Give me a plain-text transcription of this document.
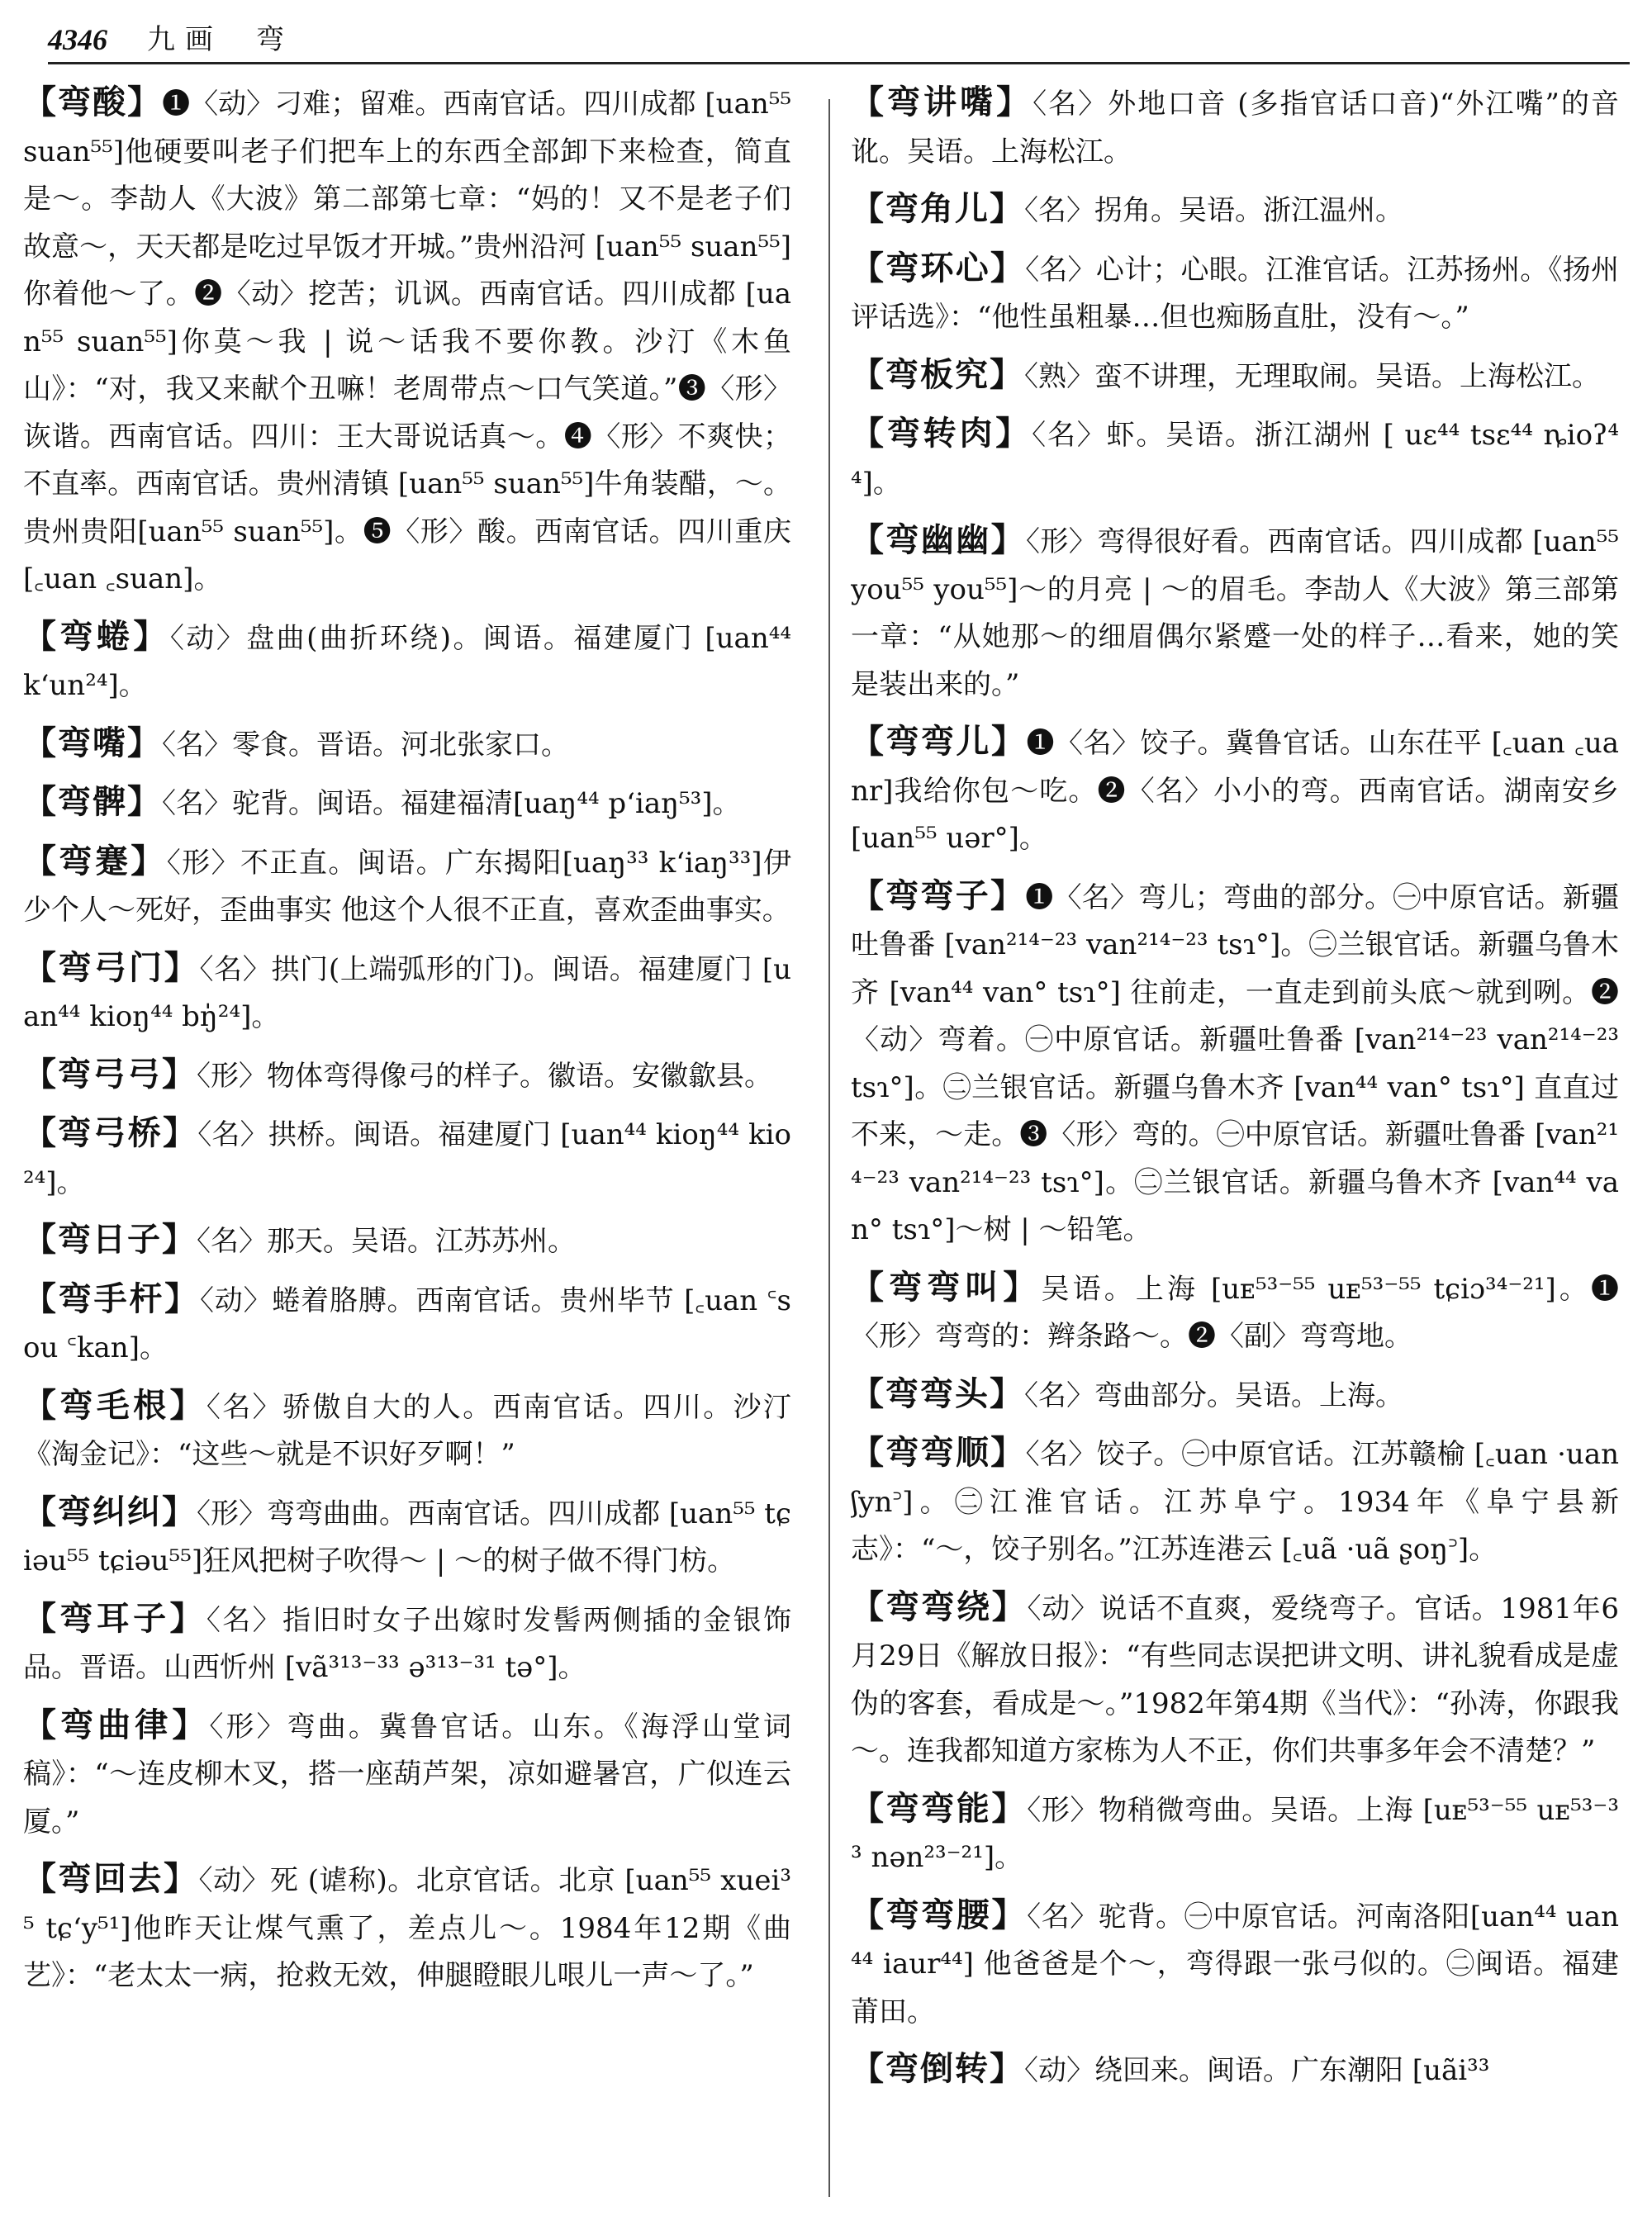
4346 九画 弯

【弯酸】❶〈动〉刁难；留难。西南官话。四川成都 [uan⁵⁵ suan⁵⁵]他硬要叫老子们把车上的东西全部卸下来检查，简直是～。李劼人《大波》第二部第七章：“妈的！又不是老子们故意～，天天都是吃过早饭才开城。”贵州沿河 [uan⁵⁵ suan⁵⁵]你着他～了。❷〈动〉挖苦；讥讽。西南官话。四川成都 [uan⁵⁵ suan⁵⁵]你莫～我 | 说～话我不要你教。沙汀《木鱼山》：“对，我又来献个丑嘛！老周带点～口气笑道。”❸〈形〉诙谐。西南官话。四川：王大哥说话真～。❹〈形〉不爽快；不直率。西南官话。贵州清镇 [uan⁵⁵ suan⁵⁵]牛角装醋，～。贵州贵阳[uan⁵⁵ suan⁵⁵]。❺〈形〉酸。西南官话。四川重庆 [꜀uan ꜀suan]。

【弯蜷】〈动〉盘曲(曲折环绕)。闽语。福建厦门 [uan⁴⁴ k‘un²⁴]。

【弯嘴】〈名〉零食。晋语。河北张家口。

【弯髀】〈名〉驼背。闽语。福建福清[uaŋ⁴⁴ p‘iaŋ⁵³]。

【弯蹇】〈形〉不正直。闽语。广东揭阳[uaŋ³³ k‘iaŋ³³]伊少个人～死好，歪曲事实 他这个人很不正直，喜欢歪曲事实。

【弯弓门】〈名〉拱门(上端弧形的门)。闽语。福建厦门 [uan⁴⁴ kioŋ⁴⁴ bŋ̍²⁴]。

【弯弓弓】〈形〉物体弯得像弓的样子。徽语。安徽歙县。

【弯弓桥】〈名〉拱桥。闽语。福建厦门 [uan⁴⁴ kioŋ⁴⁴ kio²⁴]。

【弯日子】〈名〉那天。吴语。江苏苏州。

【弯手杆】〈动〉蜷着胳膊。西南官话。贵州毕节 [꜀uan ꜂sou ꜂kan]。

【弯毛根】〈名〉骄傲自大的人。西南官话。四川。沙汀《淘金记》：“这些～就是不识好歹啊！”

【弯纠纠】〈形〉弯弯曲曲。西南官话。四川成都 [uan⁵⁵ tɕiəu⁵⁵ tɕiəu⁵⁵]狂风把树子吹得～ | ～的树子做不得门枋。

【弯耳子】〈名〉指旧时女子出嫁时发髻两侧插的金银饰品。晋语。山西忻州 [vã³¹³⁻³³ ə³¹³⁻³¹ tə°]。

【弯曲律】〈形〉弯曲。冀鲁官话。山东。《海浮山堂词稿》：“～连皮柳木叉，搭一座葫芦架，凉如避暑宫，广似连云厦。”

【弯回去】〈动〉死 (谑称)。北京官话。北京 [uan⁵⁵ xuei³⁵ tɕ‘y⁵¹]他昨天让煤气熏了，差点儿～。1984年12期《曲艺》：“老太太一病，抢救无效，伸腿瞪眼儿哏儿一声～了。”

【弯讲嘴】〈名〉外地口音 (多指官话口音)“外江嘴”的音讹。吴语。上海松江。

【弯角儿】〈名〉拐角。吴语。浙江温州。

【弯环心】〈名〉心计；心眼。江淮官话。江苏扬州。《扬州评话选》：“他性虽粗暴…但也痴肠直肚，没有～。”

【弯板究】〈熟〉蛮不讲理，无理取闹。吴语。上海松江。

【弯转肉】〈名〉虾。吴语。浙江湖州 [ uɛ⁴⁴ tsɛ⁴⁴ ȵioʔ⁴⁴]。

【弯幽幽】〈形〉弯得很好看。西南官话。四川成都 [uan⁵⁵ you⁵⁵ you⁵⁵]～的月亮 | ～的眉毛。李劼人《大波》第三部第一章：“从她那～的细眉偶尔紧蹙一处的样子…看来，她的笑是装出来的。”

【弯弯儿】❶〈名〉饺子。冀鲁官话。山东茌平 [꜀uan ꜀uanr]我给你包～吃。❷〈名〉小小的弯。西南官话。湖南安乡 [uan⁵⁵ uər°]。

【弯弯子】❶〈名〉弯儿；弯曲的部分。㊀中原官话。新疆吐鲁番 [van²¹⁴⁻²³ van²¹⁴⁻²³ tsɿ°]。㊁兰银官话。新疆乌鲁木齐 [van⁴⁴ van° tsɿ°] 往前走，一直走到前头底～就到咧。❷〈动〉弯着。㊀中原官话。新疆吐鲁番 [van²¹⁴⁻²³ van²¹⁴⁻²³ tsɿ°]。㊁兰银官话。新疆乌鲁木齐 [van⁴⁴ van° tsɿ°] 直直过不来，～走。❸〈形〉弯的。㊀中原官话。新疆吐鲁番 [van²¹⁴⁻²³ van²¹⁴⁻²³ tsɿ°]。㊁兰银官话。新疆乌鲁木齐 [van⁴⁴ van° tsɿ°]～树 | ～铅笔。

【弯弯叫】吴语。上海 [uᴇ⁵³⁻⁵⁵ uᴇ⁵³⁻⁵⁵ tɕiɔ³⁴⁻²¹]。❶〈形〉弯弯的：辫条路～。❷〈副〉弯弯地。

【弯弯头】〈名〉弯曲部分。吴语。上海。

【弯弯顺】〈名〉饺子。㊀中原官话。江苏赣榆 [꜀uan ·uan ʃyn꜄]。㊁江淮官话。江苏阜宁。1934年《阜宁县新志》：“～，饺子别名。”江苏连港云 [꜀uã ·uã ʂoŋ꜄]。

【弯弯绕】〈动〉说话不直爽，爱绕弯子。官话。1981年6月29日《解放日报》：“有些同志误把讲文明、讲礼貌看成是虚伪的客套，看成是～。”1982年第4期《当代》：“孙涛，你跟我～。连我都知道方家栋为人不正，你们共事多年会不清楚？”

【弯弯能】〈形〉物稍微弯曲。吴语。上海 [uᴇ⁵³⁻⁵⁵ uᴇ⁵³⁻³³ nən²³⁻²¹]。

【弯弯腰】〈名〉驼背。㊀中原官话。河南洛阳[uan⁴⁴ uan⁴⁴ iaur⁴⁴] 他爸爸是个～，弯得跟一张弓似的。㊁闽语。福建莆田。

【弯倒转】〈动〉绕回来。闽语。广东潮阳 [uãi³³
